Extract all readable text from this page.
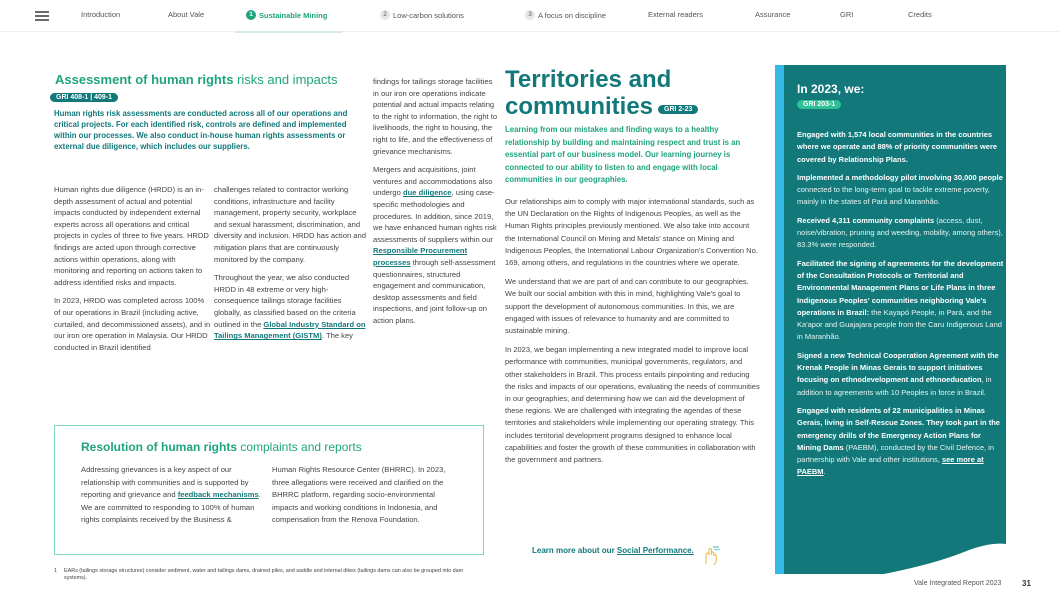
Introduction	About Vale	1 Sustainable Mining	2 Low-carbon solutions	3 A focus on discipline	External readers	Assurance	GRI	Credits
Assessment of human rights risks and impacts
GRI 408-1 | 409-1
Human rights risk assessments are conducted across all of our operations and critical projects. For each identified risk, controls are defined and implemented within our processes. We also conduct in-house human rights assessments or external due diligence, which includes our suppliers.

Human rights due diligence (HRDD) is an in-depth assessment of actual and potential impacts conducted by independent external experts across all operations and critical projects in cycles of three to five years. HRDD findings are acted upon through corrective actions within operations, along with monitoring and reporting on actions taken to address identified risks and impacts.

In 2023, HRDD was completed across 100% of our operations in Brazil (including active, curtailed, and decommissioned assets), and in our iron ore operation in Malaysia. Our HRDD conducted in Brazil identified

challenges related to contractor working conditions, infrastructure and facility management, property security, workplace and sexual harassment, discrimination, and diversity and inclusion. HRDD has action and mitigation plans that are continuously monitored by the company.

Throughout the year, we also conducted HRDD in 48 extreme or very high-consequence tailings storage facilities globally, as classified based on the criteria outlined in the Global Industry Standard on Tailings Management (GISTM). The key

findings for tailings storage facilities in our iron ore operations indicate potential and actual impacts relating to the right to information, the right to livelihoods, the right to housing, the right to life, and the effectiveness of grievance mechanisms.

Mergers and acquisitions, joint ventures and accommodations also undergo due diligence, using case-specific methodologies and procedures. In addition, since 2019, we have enhanced human rights risk assessments of suppliers within our Responsible Procurement processes through self-assessment questionnaires, structured engagement and communication, desktop assessments and field inspections, and joint follow-up on action plans.

Resolution of human rights complaints and reports
Addressing grievances is a key aspect of our relationship with communities and is supported by reporting and grievance and feedback mechanisms. We are committed to responding to 100% of human rights complaints received by the Business &
Human Rights Resource Center (BHRRC). In 2023, three allegations were received and clarified on the BHRRC platform, regarding socio-environmental impacts and working conditions in Indonesia, and compensation from the Renova Foundation.
1 EARs (tailings storage structures) consider sediment, water and tailings dams, drained piles, and saddle and internal dikes (tailings dams can also be grouped into dam systems).
Territories and communities	GRI 2-23
Learning from our mistakes and finding ways to a healthy relationship by building and maintaining respect and trust is an essential part of our business model. Our learning journey is connected to our ability to listen to and engage with local communities in our geographies.

Our relationships aim to comply with major international standards, such as the UN Declaration on the Rights of Indigenous Peoples, as well as the Human Rights principles previously mentioned. We also take into account the International Council on Mining and Metals' stance on Mining and Indigenous Peoples, the International Labour Organization's Convention No. 169, among others, and regulations in the countries where we operate.

We understand that we are part of and can contribute to our geographies. We built our social ambition with this in mind, highlighting Vale's goal to support the development of autonomous communities. In this, we are engaged with issues of relevance to humanity and are committed to sustainable mining.

In 2023, we began implementing a new integrated model to improve local performance with communities, municipal governments, regulators, and other stakeholders in Brazil. This process entails pinpointing and reducing the risks and impacts of our operations, evaluating the needs of communities in our geographies, and determining how we can aid the development of these regions. We are challenged with integrating the agendas of these territories and stakeholders while implementing our operating strategy. This includes territorial development programs designed to enhance local capabilities and foster the growth of these communities in collaboration with the government and partners.

Learn more about our Social Performance.
In 2023, we:
GRI 203-1

Engaged with 1,574 local communities in the countries where we operate and 88% of priority communities were covered by Relationship Plans.

Implemented a methodology pilot involving 30,000 people connected to the long-term goal to tackle extreme poverty, mainly in the states of Pará and Maranhão.

Received 4,311 community complaints (access, dust, noise/vibration, pruning and weeding, mobility, among others), 83.3% were responded.

Facilitated the signing of agreements for the development of the Consultation Protocols or Territorial and Environmental Management Plans or Life Plans in three Indigenous Peoples' communities neighboring Vale's operations in Brazil: the Kayapó People, in Pará, and the Ka'apor and Guajajara people from the Caru Indigenous Land in Maranhão.

Signed a new Technical Cooperation Agreement with the Krenak People in Minas Gerais to support initiatives focusing on ethnodevelopment and ethnoeducation, in addition to agreements with 10 Peoples in force in Brazil.

Engaged with residents of 22 municipalities in Minas Gerais, living in Self-Rescue Zones. They took part in the emergency drills of the Emergency Action Plans for Mining Dams (PAEBM), conducted by the Civil Defence, in partnership with Vale and other institutions, see more at PAEBM.

Vale Integrated Report 2023	31
